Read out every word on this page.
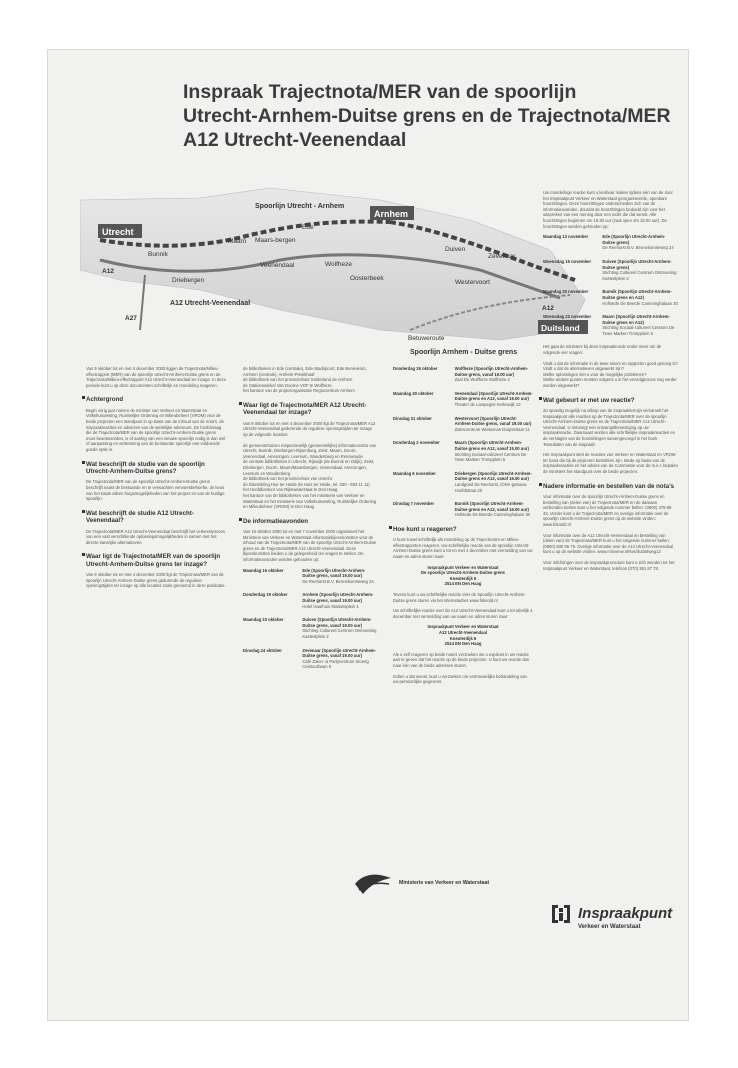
Inspraak Trajectnota/MER van de spoorlijn
Utrecht-Arnhem-Duitse grens en de Trajectnota/MER
A12 Utrecht-Veenendaal
Utrecht
Arnhem
Duitsland
Bunnik
Maarn Maars-bergen
Ede
Duiven
Zevenaar
Driebergen
Veenendaal	Wolfheze
Oosterbeek
Westervoort
Betuweroute
A12
A27
A12
Spoorlijn Utrecht - Arnhem
A12 Utrecht-Veenendaal
Spoorlijn Arnhem - Duitse grens

Van 9 oktober tot en met 4 december 2000 liggen de Trajectnota/Milieu-effectrapport (MER) van de spoorlijn Utrecht-Arnhem-Duitse grens en de Trajectnota/Milieu-effectrapport A12 Utrecht-Veenendaal ter inzage. In deze periode kunt u op deze documenten schriftelijk en mondeling reageren.

Achtergrond

Begin vorig jaar namen de minister van Verkeer en Waterstaat en Volkshuisvesting, Ruimtelijke Ordening en Milieubeheer (VROM) voor de beide projecten een standpunt in op basis van de inhoud van de nota's, de inspraakreacties en adviezen van de wettelijke adviseurs. De hoofdvraag die de Trajectnota/MER van de spoorlijn Utrecht-Arnhem-Duitse grens moet beantwoorden, is of aanleg van een nieuwe spoorlijn nodig is dan wel of aanpassing en verbetering van de bestaande spoorlijn een voldoende goede optie is.

Wat beschrijft de studie van de spoorlijn Utrecht-Arnhem-Duitse grens?

De Trajectnota/MER van de spoorlijn Utrecht-Arnhem-Duitse grens beschrijft naast de bestaande en te verwachten vervoersbehoefte, de keus van het totale alleen huigsmogelijkheden van het project en van de huidige spoorlijn.

Wat beschrijft de studie A12 Utrecht-Veenendaal?

De Trajectnota/MER A12 Utrecht-Veenendaal beschrijft het verkeersproces van een vast verschillende oplossingsmogelijkheden in samen met het directe kansrijke alternatieven.

Waar ligt de Trajectnota/MER van de spoorlijn Utrecht-Arnhem-Duitse grens ter inzage?

Van 9 oktober tot en met 4 december 2000 ligt de Trajectnota/MER van de spoorlijn Utrecht-Arnhem-Duitse grens gedurende de reguliere openingstijden ter inzage op alle locaties zoals genoemd in deze publicatie.

de bibliotheken in Ede (centrale), Ede-Stadspoort, Ede Bennekom, Arnhem (centrale), Arnhem-Presikhaaf
de bibliotheek van het provinciehuis Gelderland de Arnhem
de Stationswinkel Van Doorne VOF te Wolfheze
het kantoor van de projectorganisatie Regiocentrum Arnhem
Waar ligt de Trajectnota/MER A12 Utrecht-Veenendaal ter inzage?

Van 9 oktober tot en met 4 december 2000 ligt de Trajectnota/MER A12 Utrecht-Veenendaal gedurende de reguliere openingstijden ter inzage op de volgende locaties:

de gemeentehuizen respectievelijk (gemeentelijke) informatiecentra van Utrecht, Bunnik, Driebergen-Rijsenburg, Zeist, Maarn, Doorn, Veenendaal, Amerongen, Leersum, Woudenberg en Renswoude
de centrale bibliotheken in Utrecht, Rijswijk (de Bunnik en Odijk), Zeist, Driebergen, Doorn, Maarn/Maarsbergen, Veenendaal, Amerongen, Leersum en Woudenberg
de bibliotheek van het provinciehuis van Utrecht
de Dienstkring Hoe ter Heide (te Huis ter Heide, tel. 030 - 693 11 11)
het Hoofdkantoor van Rijkswaterstaat te Den Haag
het kantoor van de bibliotheken van het ministerie van Verkeer en Waterstaat en het ministerie van Volkshuisvesting, Ruimtelijke Ordening en Milieubeheer (VROM) te Den Haag
De informatieavonden

Van 16 oktober 2000 tot en met 7 november 2000 organiseert het Ministerie van Verkeer en Waterstaat informatiebijeenkomsten voor de inhoud van de Trajectnota/MER van de spoorlijn Utrecht-Arnhem-Duitse grens en de Trajectnota/MER A12 Utrecht-Veenendaal. Deze bijeenkomsten bieden u de gelegenheid om vragen te stellen. De informatieavonden worden gehouden op:

Maandag 16 oktober	Ede (Spoorlijn Utrecht-Arnhem-Duitse grens, vanaf 19.00 uur)
De Reehorst B.V. Bennekomseweg 24
Donderdag 19 oktober	Arnhem (Spoorlijn Utrecht-Arnhem-Duitse grens, vanaf 19.00 uur)
Hotel Haarhuis Stationsplein 1
Maandag 23 oktober	Duiven (Spoorlijn Utrecht-Arnhem-Duitse grens, vanaf 19.00 uur)
Stichting Cultureel Centrum Ontmoeting Kasteelplein 2
Dinsdag 24 oktober	Zevenaar (Spoorlijn Utrecht-Arnhem-Duitse grens, vanaf 19.00 uur)
Café Zalen- & Partycentrum Stoerig Ceintuurbaan 5
Donderdag 26 oktober	Wolfheze (Spoorlijn Utrecht-Arnhem-Duitse grens, vanaf 19.00 uur)
Zaal De Wolfheze Wolfheze 2
Maandag 30 oktober	Veenendaal (Spoorlijn Utrecht-Arnhem-Duitse grens en A12, vanaf 19.00 uur)
Theater de Lampegiet Kerkewijk 10
Dinsdag 31 oktober	Westervoort (Spoorlijn Utrecht-Arnhem-Duitse grens, vanaf 19.00 uur)
Zalencentrum Wiekeman Dorpsstraat 11
Donderdag 2 november	Maarn (Spoorlijn Utrecht-Arnhem-Duitse grens en A12, vanaf 15.00 uur)
Stichting Sociaal-cultureel Centrum De Twee Marken Trompplein 5
Maandag 6 november	Driebergen (Spoorlijn Utrecht-Arnhem-Duitse grens en A12, vanaf 16.00 uur)
Landgoed De Reehorst, IONA-gebouw Hoofdstraat 20
Dinsdag 7 november	Bunnik (Spoorlijn Utrecht-Arnhem-Duitse grens en A12, vanaf 16.00 uur)
Hofstede De Beerde Camminghalaan 30
Hoe kunt u reageren?

U kunt zowel schriftelijk als mondeling op de Trajectnota's en Milieu-effectrapporten reageren. Uw schriftelijke reactie van de spoorlijn Utrecht-Arnhem-Duitse grens kunt u tot en met 4 december met vermelding van uw naam en adres sturen naar:

Inspraakpunt Verkeer en Waterstaat
De spoorlijn Utrecht-Arnhem-Duitse grens
Kneuterdijk 6
2514 EN Den Haag

Tevens kunt u uw schriftelijke reactie over de Spoorlijn Utrecht-Arnhem-Duitse grens sturen via het internetadres www.fokoold.nl

Uw schriftelijke reactie over de A12 Utrecht-Veenendaal kunt u tot uiterlijk 4 december met vermelding van uw naam en adres sturen naar:

Inspraakpunt Verkeer en Waterstaat
A12 Utrecht-Veenendaal
Kneuterdijk 6
2514 EN Den Haag

Als u zelf reageren op beide nota's verzoeken we u expliciet in uw reactie aan te geven dat het reactie op de beide projecten. U kunt uw reactie dan naar één van de beide adressen sturen.

Indien u dat wenst, kunt u verzoeken om vertrouwelijke behandeling van uw persoonlijke gegevens.

Uw mondelinge reactie kunt u kenbaar maken tijdens één van de door het Inspraakpunt Verkeer en Waterstaat georganiseerde, openbare hoorzittingen. Deze hoorzittingen onderscheiden zich van de informatieavonden, doordat de hoorzittingen bedoeld zijn voor het uitspreken van een mening door een ieder die dat wenst. Alle hoorzittingen beginnen om 19.30 uur (zaal open om 19.00 uur). De hoorzittingen worden gehouden op:

Maandag 13 november	Ede (Spoorlijn Utrecht-Arnhem-Duitse grens)
De Reehorst B.V. Bennekomseweg 24
Woensdag 15 november	Duiven (Spoorlijn Utrecht-Arnhem-Duitse grens)
Stichting Cultureel Centrum Ontmoeting Kasteelplein 2
Maandag 20 november	Bunnik (Spoorlijn Utrecht-Arnhem-Duitse grens en A12)
Hofstede De Beerde Camminghalaan 30
Woensdag 22 november	Maarn (Spoorlijn Utrecht-Arnhem-Duitse grens en A12)
Stichting Sociaal-cultureel Centrum De Twee Marken Trompplein 5

Het gaat de ministers bij deze inspraakronde onder meer om de volgende vier vragen:

Vindt u dat de informatie in de twee nota's en rapporten goed genoeg is?
Vindt u dat de alternatieven uitgewerkt zijn?
Welke oplossingen ziet u voor de mogelijke problemen?
Welke andere punten moeten volgens u in het vervolgproces nog verder worden uitgewerkt?
Wat gebeurt er met uw reactie?

Zo spoedig mogelijk na afloop van de inspraaktermijn verzamelt het Inspraakpunt alle reacties op de Trajectnota/MER over de spoorlijn Utrecht-Arnhem-Duitse grens en de Trajectnota/MER A12 Utrecht-Veenendaal. U ontvangt een ontvangstbevestiging op uw inspraakreactie. Daarnaast worden alle schriftelijke inspraakreacties en de verslagen van de hoorzittingen samengevoegd in het boek 'Resultaten van de inspraak'.

Het Inspraakpunt stelt de reacties van Verkeer en Waterstaat en VROM ter hand die bij de projecten betrokken zijn. Mede op basis van de inspraakreacties en het advies van de Commissie voor de m.e.r. bepalen de ministers het standpunt over de beide projecten.

Nadere informatie en bestellen van de nota's

Voor informatie over de spoorlijn Utrecht-Arnhem-Duitse grens en bestelling van (delen van) de Trajectnota/MER en de daaraan verbonden kosten kunt u het volgende nummer bellen: (0800) 478 98 43. Verder kunt u de Trajectnota/MER en overige informatie over de spoorlijn Utrecht-Arnhem-Duitse grens op de website vinden: www.fokoold.nl

Voor informatie over de A12 Utrecht-Veenendaal en bestelling van (delen van) de Trajectnota/MER kunt u het volgende nummer bellen: (0800) 600 96 79. Overige informatie over de A12 Utrecht-Veenendaal kunt u op de website vinden: www.minvenw.nl/rws/dut/a6weg12

Voor inlichtingen over de inspraakprocedure kunt u zich wenden tot het Inspraakpunt Verkeer en Waterstaat, telefoon (070) 361 87 78.

Ministerie van Verkeer en Waterstaat
Inspraakpunt
Verkeer en Waterstaat
